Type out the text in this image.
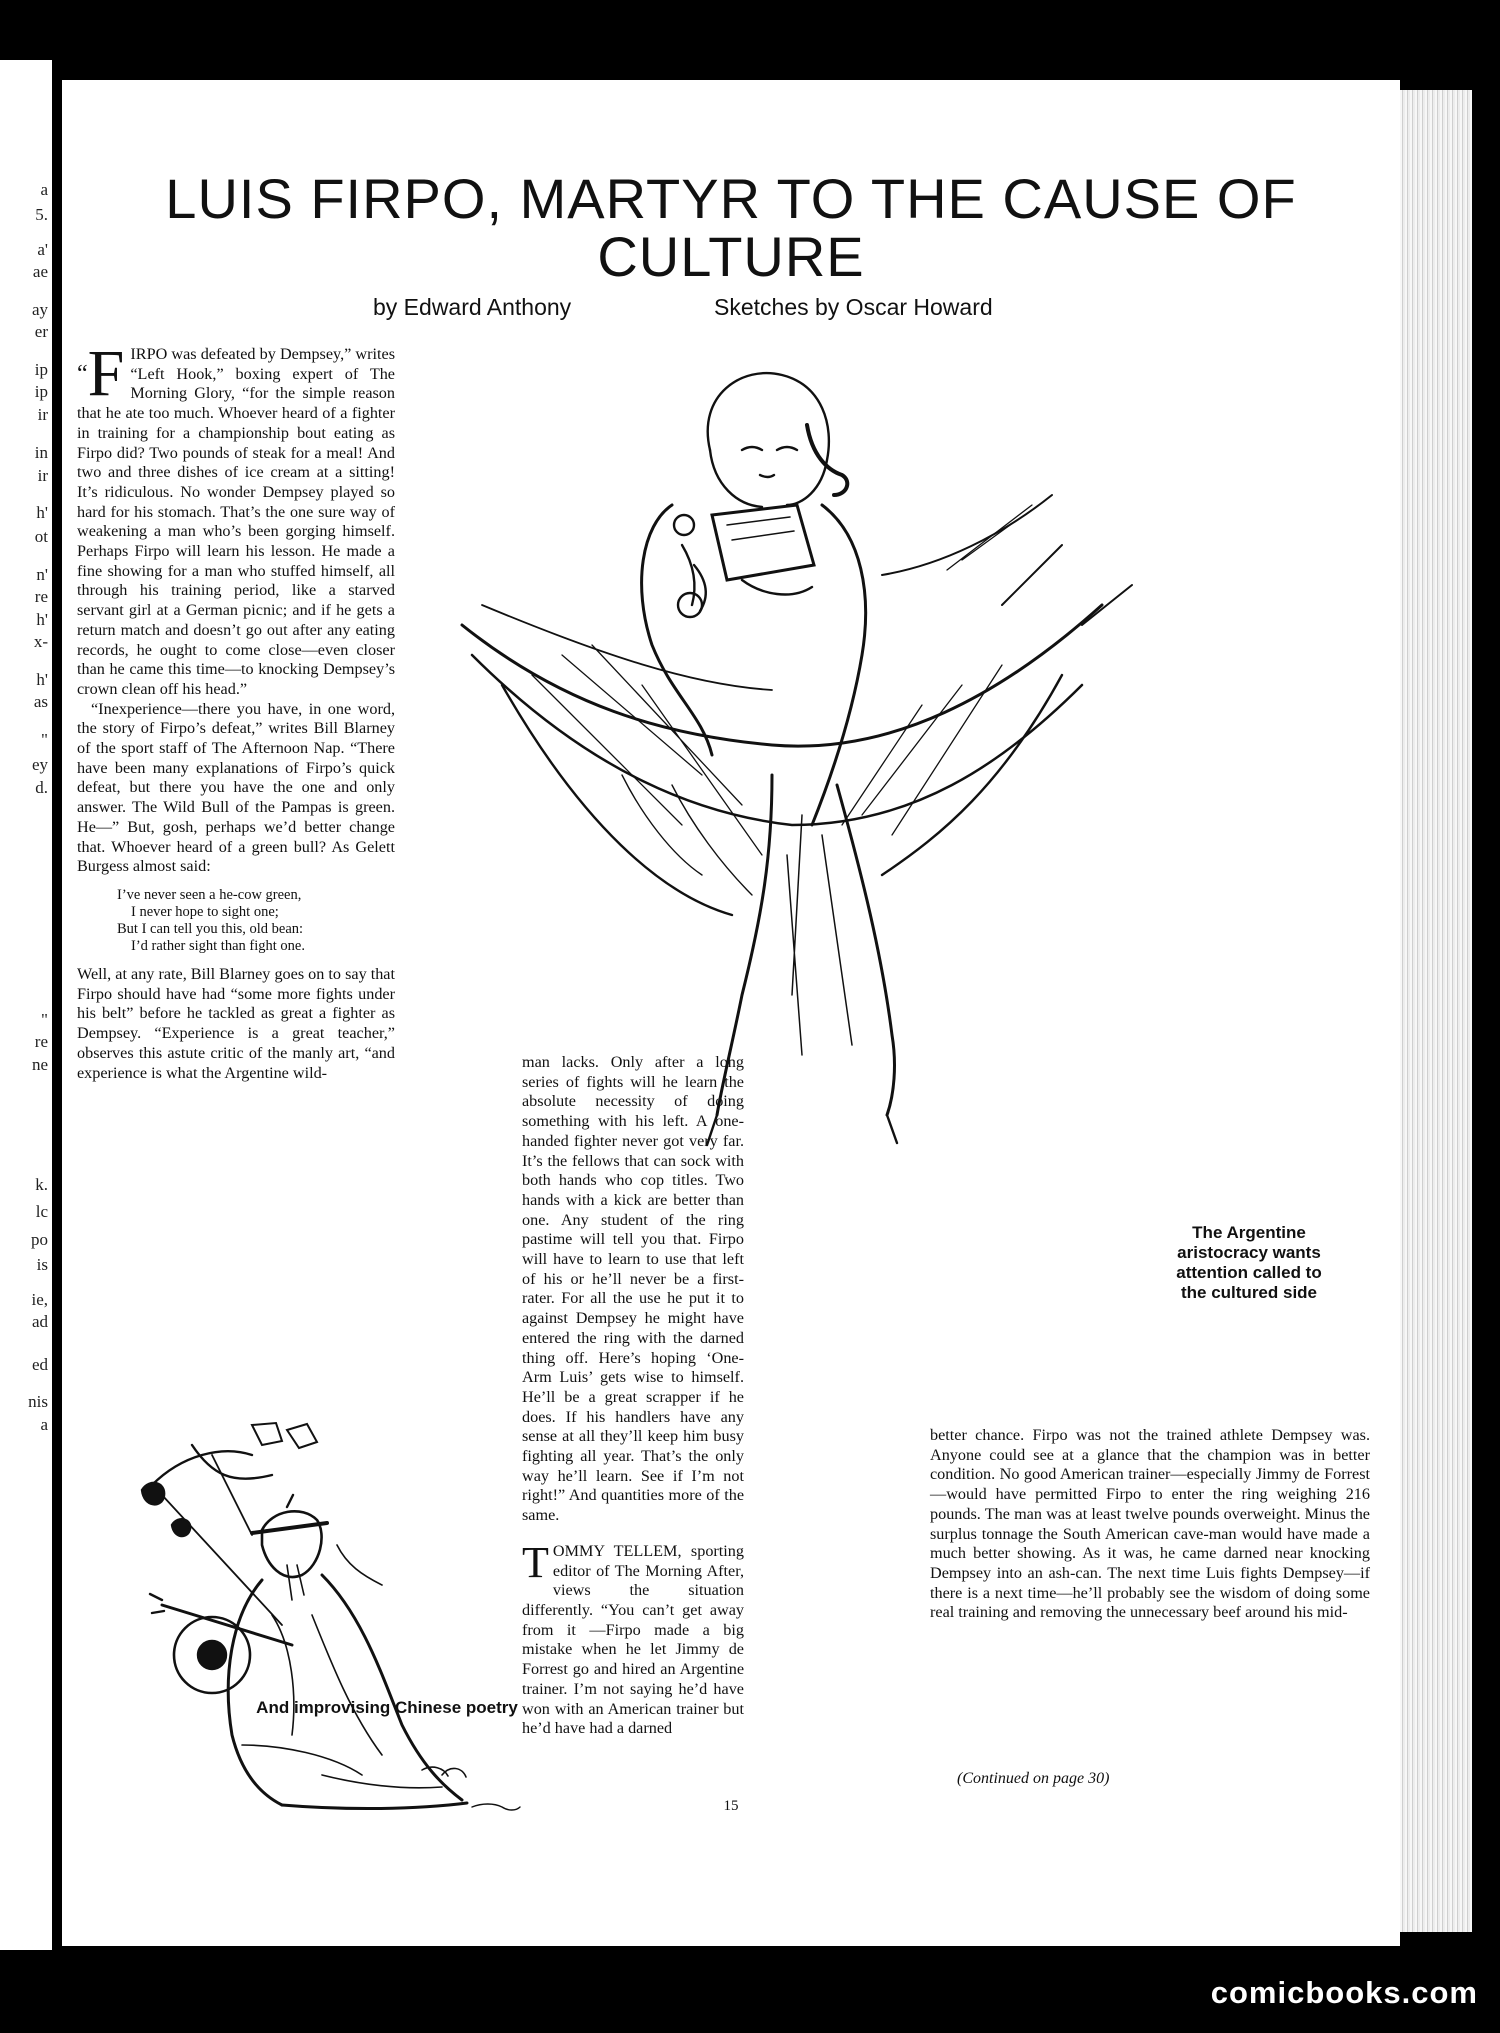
a
5.
a'
ae
ay
er
ip
ip
ir
in
ir
h'
ot
n'
re
h'
x-
h'
as
"
ey
d.
"
re
ne
k.
lc
po
is
ie,
ad
ed
nis
a
LUIS FIRPO, MARTYR TO THE CAUSE OF CULTURE
by Edward Anthony	Sketches by Oscar Howard

“F IRPO was defeated by Dempsey,” writes “Left Hook,” boxing expert of The Morning Glory, “for the simple reason that he ate too much. Whoever heard of a fighter in training for a championship bout eating as Firpo did? Two pounds of steak for a meal! And two and three dishes of ice cream at a sitting! It’s ridiculous. No wonder Dempsey played so hard for his stomach. That’s the one sure way of weakening a man who’s been gorging himself. Perhaps Firpo will learn his lesson. He made a fine showing for a man who stuffed himself, all through his training period, like a starved servant girl at a German picnic; and if he gets a return match and doesn’t go out after any eating records, he ought to come close—even closer than he came this time—to knocking Dempsey’s crown clean off his head.”

“Inexperience—there you have, in one word, the story of Firpo’s defeat,” writes Bill Blarney of the sport staff of The Afternoon Nap. “There have been many explanations of Firpo’s quick defeat, but there you have the one and only answer. The Wild Bull of the Pampas is green. He—” But, gosh, perhaps we’d better change that. Whoever heard of a green bull? As Gelett Burgess almost said:

I’ve never seen a he-cow green,
I never hope to sight one;
But I can tell you this, old bean:
I’d rather sight than fight one.

Well, at any rate, Bill Blarney goes on to say that Firpo should have had “some more fights under his belt” before he tackled as great a fighter as Dempsey. “Experience is a great teacher,” observes this astute critic of the manly art, “and experience is what the Argentine wild-

man lacks. Only after a long series of fights will he learn the absolute necessity of doing something with his left. A one-handed fighter never got very far. It’s the fellows that can sock with both hands who cop titles. Two hands with a kick are better than one. Any student of the ring pastime will tell you that. Firpo will have to learn to use that left of his or he’ll never be a first-rater. For all the use he put it to against Dempsey he might have entered the ring with the darned thing off. Here’s hoping ‘One-Arm Luis’ gets wise to himself. He’ll be a great scrapper if he does. If his handlers have any sense at all they’ll keep him busy fighting all year. That’s the only way he’ll learn. See if I’m not right!” And quantities more of the same.

TOMMY TELLEM, sporting editor of The Morning After, views the situation differently. “You can’t get away from it —Firpo made a big mistake when he let Jimmy de Forrest go and hired an Argentine trainer. I’m not saying he’d have won with an American trainer but he’d have had a darned

better chance. Firpo was not the trained athlete Dempsey was. Anyone could see at a glance that the champion was in better condition. No good American trainer—especially Jimmy de Forrest—would have permitted Firpo to enter the ring weighing 216 pounds. The man was at least twelve pounds overweight. Minus the surplus tonnage the South American cave-man would have made a much better showing. As it was, he came darned near knocking Dempsey into an ash-can. The next time Luis fights Dempsey—if there is a next time—he’ll probably see the wisdom of doing some real training and removing the unnecessary beef around his mid-

(Continued on page 30)
The Argentine
aristocracy wants
attention called to
the cultured side
And improvising Chinese poetry
15
comicbooks.com
